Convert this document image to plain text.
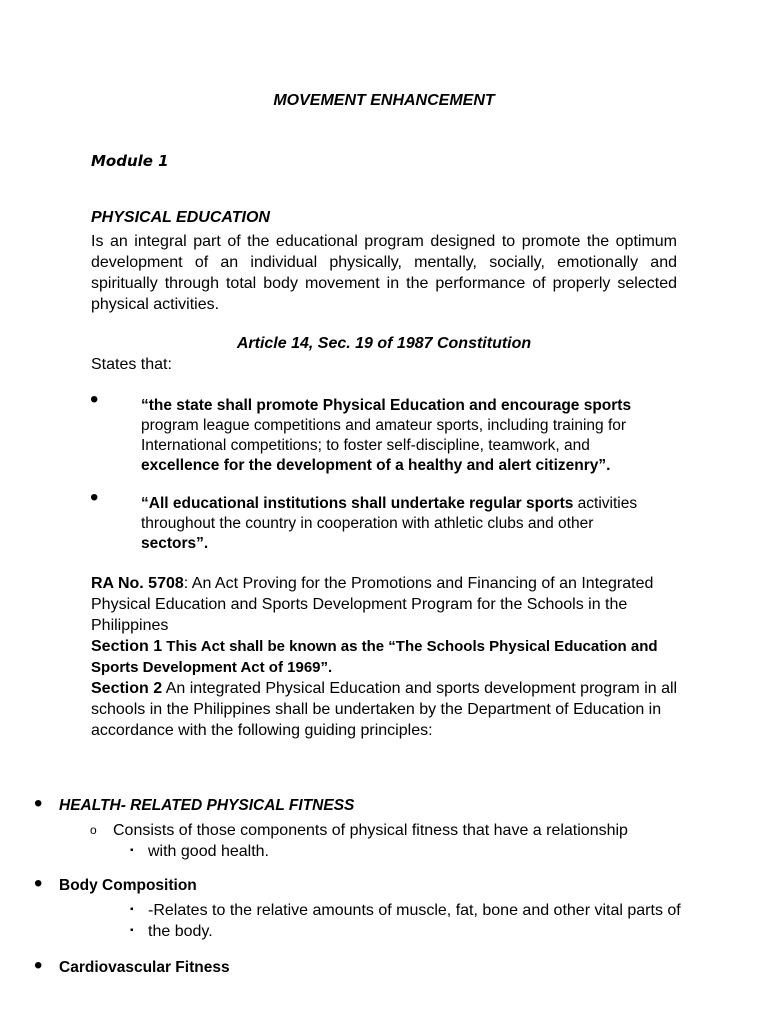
MOVEMENT ENHANCEMENT
Module 1
PHYSICAL EDUCATION
Is an integral part of the educational program designed to promote the optimum development of an individual physically, mentally, socially, emotionally and spiritually through total body movement in the performance of properly selected physical activities.
Article 14, Sec. 19 of 1987 Constitution
States that:
•	“the state shall promote Physical Education and encourage sports
program league competitions and amateur sports, including training for International competitions; to foster self-discipline, teamwork, and
excellence for the development of a healthy and alert citizenry”.
•	“All educational institutions shall undertake regular sports activities throughout the country in cooperation with athletic clubs and other
sectors”.
RA No. 5708: An Act Proving for the Promotions and Financing of an Integrated Physical Education and Sports Development Program for the Schools in the Philippines
Section 1 This Act shall be known as the “The Schools Physical Education and Sports Development Act of 1969”.
Section 2 An integrated Physical Education and sports development program in all schools in the Philippines shall be undertaken by the Department of Education in accordance with the following guiding principles:
• HEALTH- RELATED PHYSICAL FITNESS
o Consists of those components of physical fitness that have a relationship
▪ with good health.
• Body Composition
▪ -Relates to the relative amounts of muscle, fat, bone and other vital parts of
▪ the body.
• Cardiovascular Fitness
